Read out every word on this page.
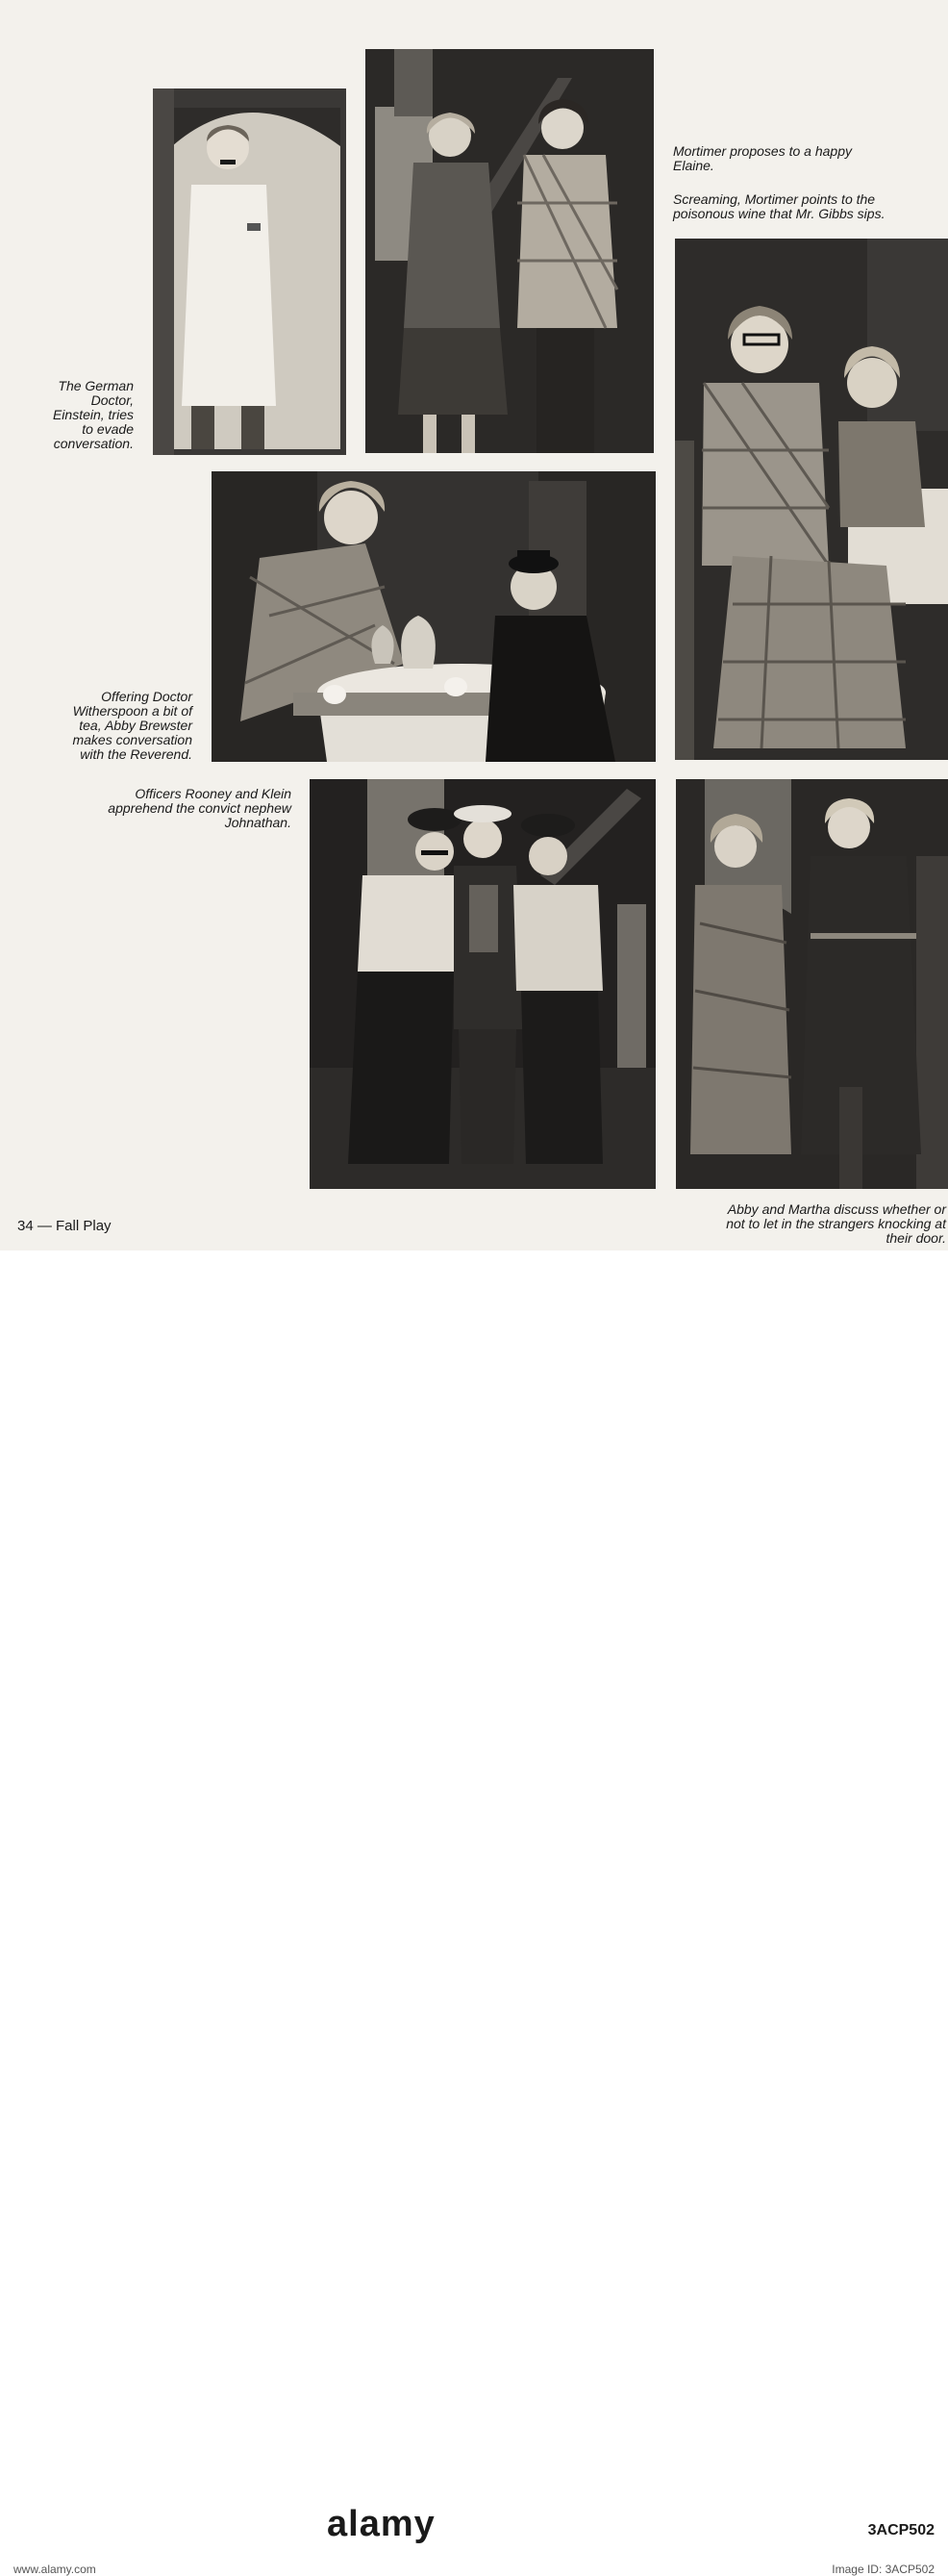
The German

Doctor,

Einstein, tries

to evade

conversation.

Mortimer proposes to a happy

Elaine.

Screaming, Mortimer points to the

poisonous wine that Mr. Gibbs sips.

Offering Doctor

Witherspoon a bit of

tea, Abby Brewster

makes conversation

with the Reverend.

Officers Rooney and Klein

apprehend the convict nephew

Johnathan.

Abby and Martha discuss whether or

not to let in the strangers knocking at

their door.

34 — Fall Play
alamy	3ACP502
www.alamy.com	Image ID: 3ACP502
